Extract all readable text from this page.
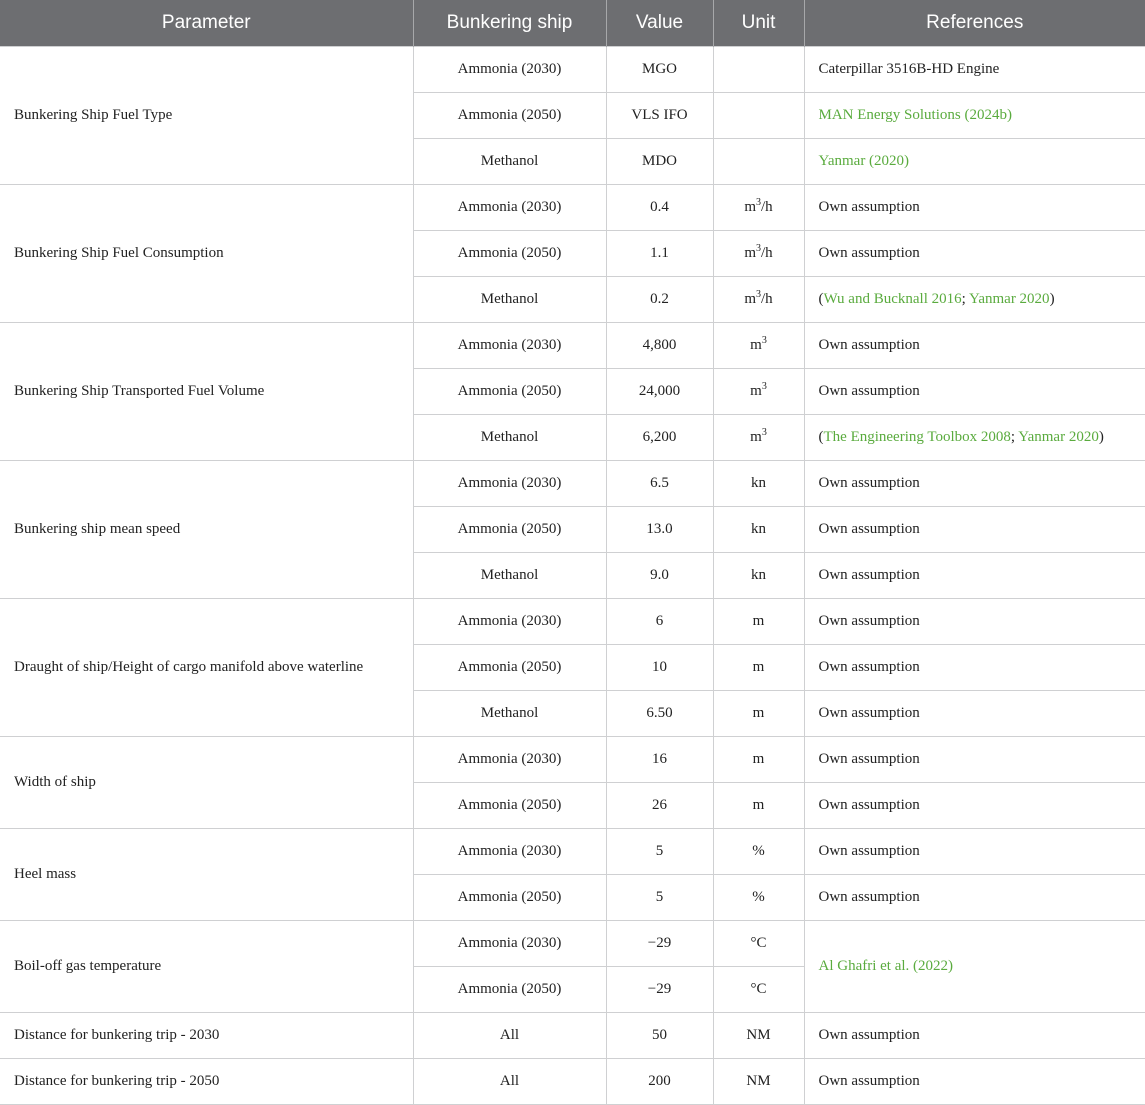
Parameter	Bunkering ship	Value	Unit	References
Bunkering Ship Fuel Type	Ammonia (2030)	MGO		Caterpillar 3516B-HD Engine
	Ammonia (2050)	VLS IFO		MAN Energy Solutions (2024b)
	Methanol	MDO		Yanmar (2020)
Bunkering Ship Fuel Consumption	Ammonia (2030)	0.4	$m^3/h$	Own assumption
	Ammonia (2050)	1.1	$m^3/h$	Own assumption
	Methanol	0.2	$m^3/h$	(Wu and Bucknall 2016; Yanmar 2020)
Bunkering Ship Transported Fuel Volume	Ammonia (2030)	4,800	$m^3$	Own assumption
	Ammonia (2050)	24,000	$m^3$	Own assumption
	Methanol	6,200	$m^3$	(The Engineering Toolbox 2008; Yanmar 2020)
Bunkering ship mean speed	Ammonia (2030)	6.5	kn	Own assumption
	Ammonia (2050)	13.0	kn	Own assumption
	Methanol	9.0	kn	Own assumption
Draught of ship/Height of cargo manifold above waterline	Ammonia (2030)	6	m	Own assumption
	Ammonia (2050)	10	m	Own assumption
	Methanol	6.50	m	Own assumption
Width of ship	Ammonia (2030)	16	m	Own assumption
	Ammonia (2050)	26	m	Own assumption
Heel mass	Ammonia (2030)	5	%	Own assumption
	Ammonia (2050)	5	%	Own assumption
Boil-off gas temperature	Ammonia (2030)	−29	°C	Al Ghafri et al. (2022)
	Ammonia (2050)	−29	°C	
Distance for bunkering trip - 2030	All	50	NM	Own assumption
Distance for bunkering trip - 2050	All	200	NM	Own assumption
